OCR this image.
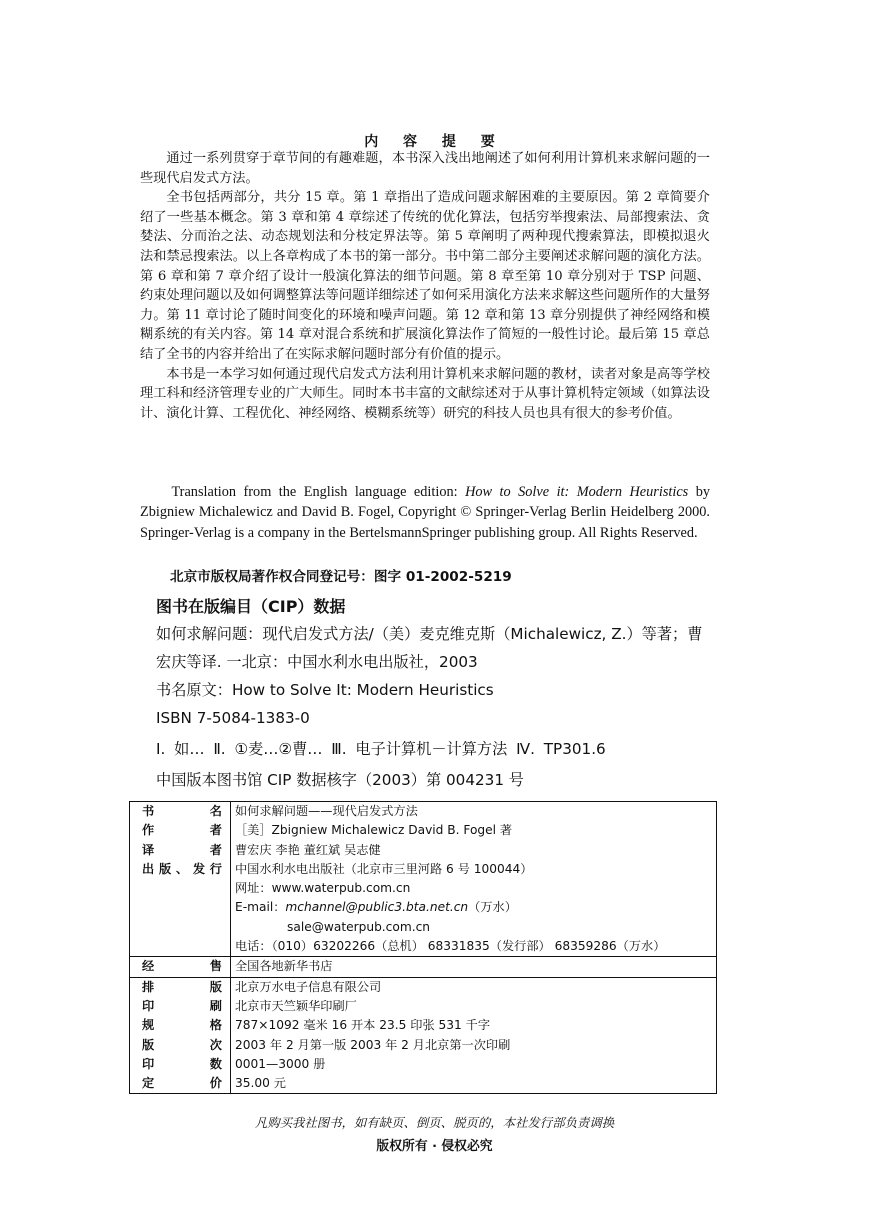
内 容 提 要

通过一系列贯穿于章节间的有趣难题，本书深入浅出地阐述了如何利用计算机来求解问题的一些现代启发式方法。

全书包括两部分，共分 15 章。第 1 章指出了造成问题求解困难的主要原因。第 2 章简要介绍了一些基本概念。第 3 章和第 4 章综述了传统的优化算法，包括穷举搜索法、局部搜索法、贪婪法、分而治之法、动态规划法和分枝定界法等。第 5 章阐明了两种现代搜索算法，即模拟退火法和禁忌搜索法。以上各章构成了本书的第一部分。书中第二部分主要阐述求解问题的演化方法。第 6 章和第 7 章介绍了设计一般演化算法的细节问题。第 8 章至第 10 章分别对于 TSP 问题、约束处理问题以及如何调整算法等问题详细综述了如何采用演化方法来求解这些问题所作的大量努力。第 11 章讨论了随时间变化的环境和噪声问题。第 12 章和第 13 章分别提供了神经网络和模糊系统的有关内容。第 14 章对混合系统和扩展演化算法作了简短的一般性讨论。最后第 15 章总结了全书的内容并给出了在实际求解问题时部分有价值的提示。

本书是一本学习如何通过现代启发式方法利用计算机来求解问题的教材，读者对象是高等学校理工科和经济管理专业的广大师生。同时本书丰富的文献综述对于从事计算机特定领域（如算法设计、演化计算、工程优化、神经网络、模糊系统等）研究的科技人员也具有很大的参考价值。

Translation from the English language edition: How to Solve it: Modern Heuristics by Zbigniew Michalewicz and David B. Fogel, Copyright © Springer-Verlag Berlin Heidelberg 2000. Springer-Verlag is a company in the BertelsmannSpringer publishing group. All Rights Reserved.

北京市版权局著作权合同登记号：图字 01-2002-5219
图书在版编目（CIP）数据
如何求解问题：现代启发式方法/（美）麦克维克斯（Michalewicz, Z.）等著；曹宏庆等译. 一北京：中国水利水电出版社，2003
书名原文：How to Solve It: Modern Heuristics
ISBN 7-5084-1383-0
Ⅰ. 如… Ⅱ. ①麦…②曹… Ⅲ. 电子计算机－计算方法 Ⅳ. TP301.6
中国版本图书馆 CIP 数据核字（2003）第 004231 号
书 名	如何求解问题——现代启发式方法
作 者	［美］Zbigniew Michalewicz David B. Fogel 著
译 者	曹宏庆 李艳 董红斌 吴志健
出版、发行	中国水利水电出版社（北京市三里河路 6 号 100044）
	网址：www.waterpub.com.cn
	E-mail：mchannel@public3.bta.net.cn（万水）
	sale@waterpub.com.cn
	电话：（010）63202266（总机） 68331835（发行部） 68359286（万水）
经 售	全国各地新华书店
排 版	北京万水电子信息有限公司
印 刷	北京市天竺颖华印刷厂
规 格	787×1092 毫米 16 开本 23.5 印张 531 千字
版 次	2003 年 2 月第一版 2003 年 2 月北京第一次印刷
印 数	0001—3000 册
定 价	35.00 元
凡购买我社图书，如有缺页、倒页、脱页的，本社发行部负责调换
版权所有 · 侵权必究
